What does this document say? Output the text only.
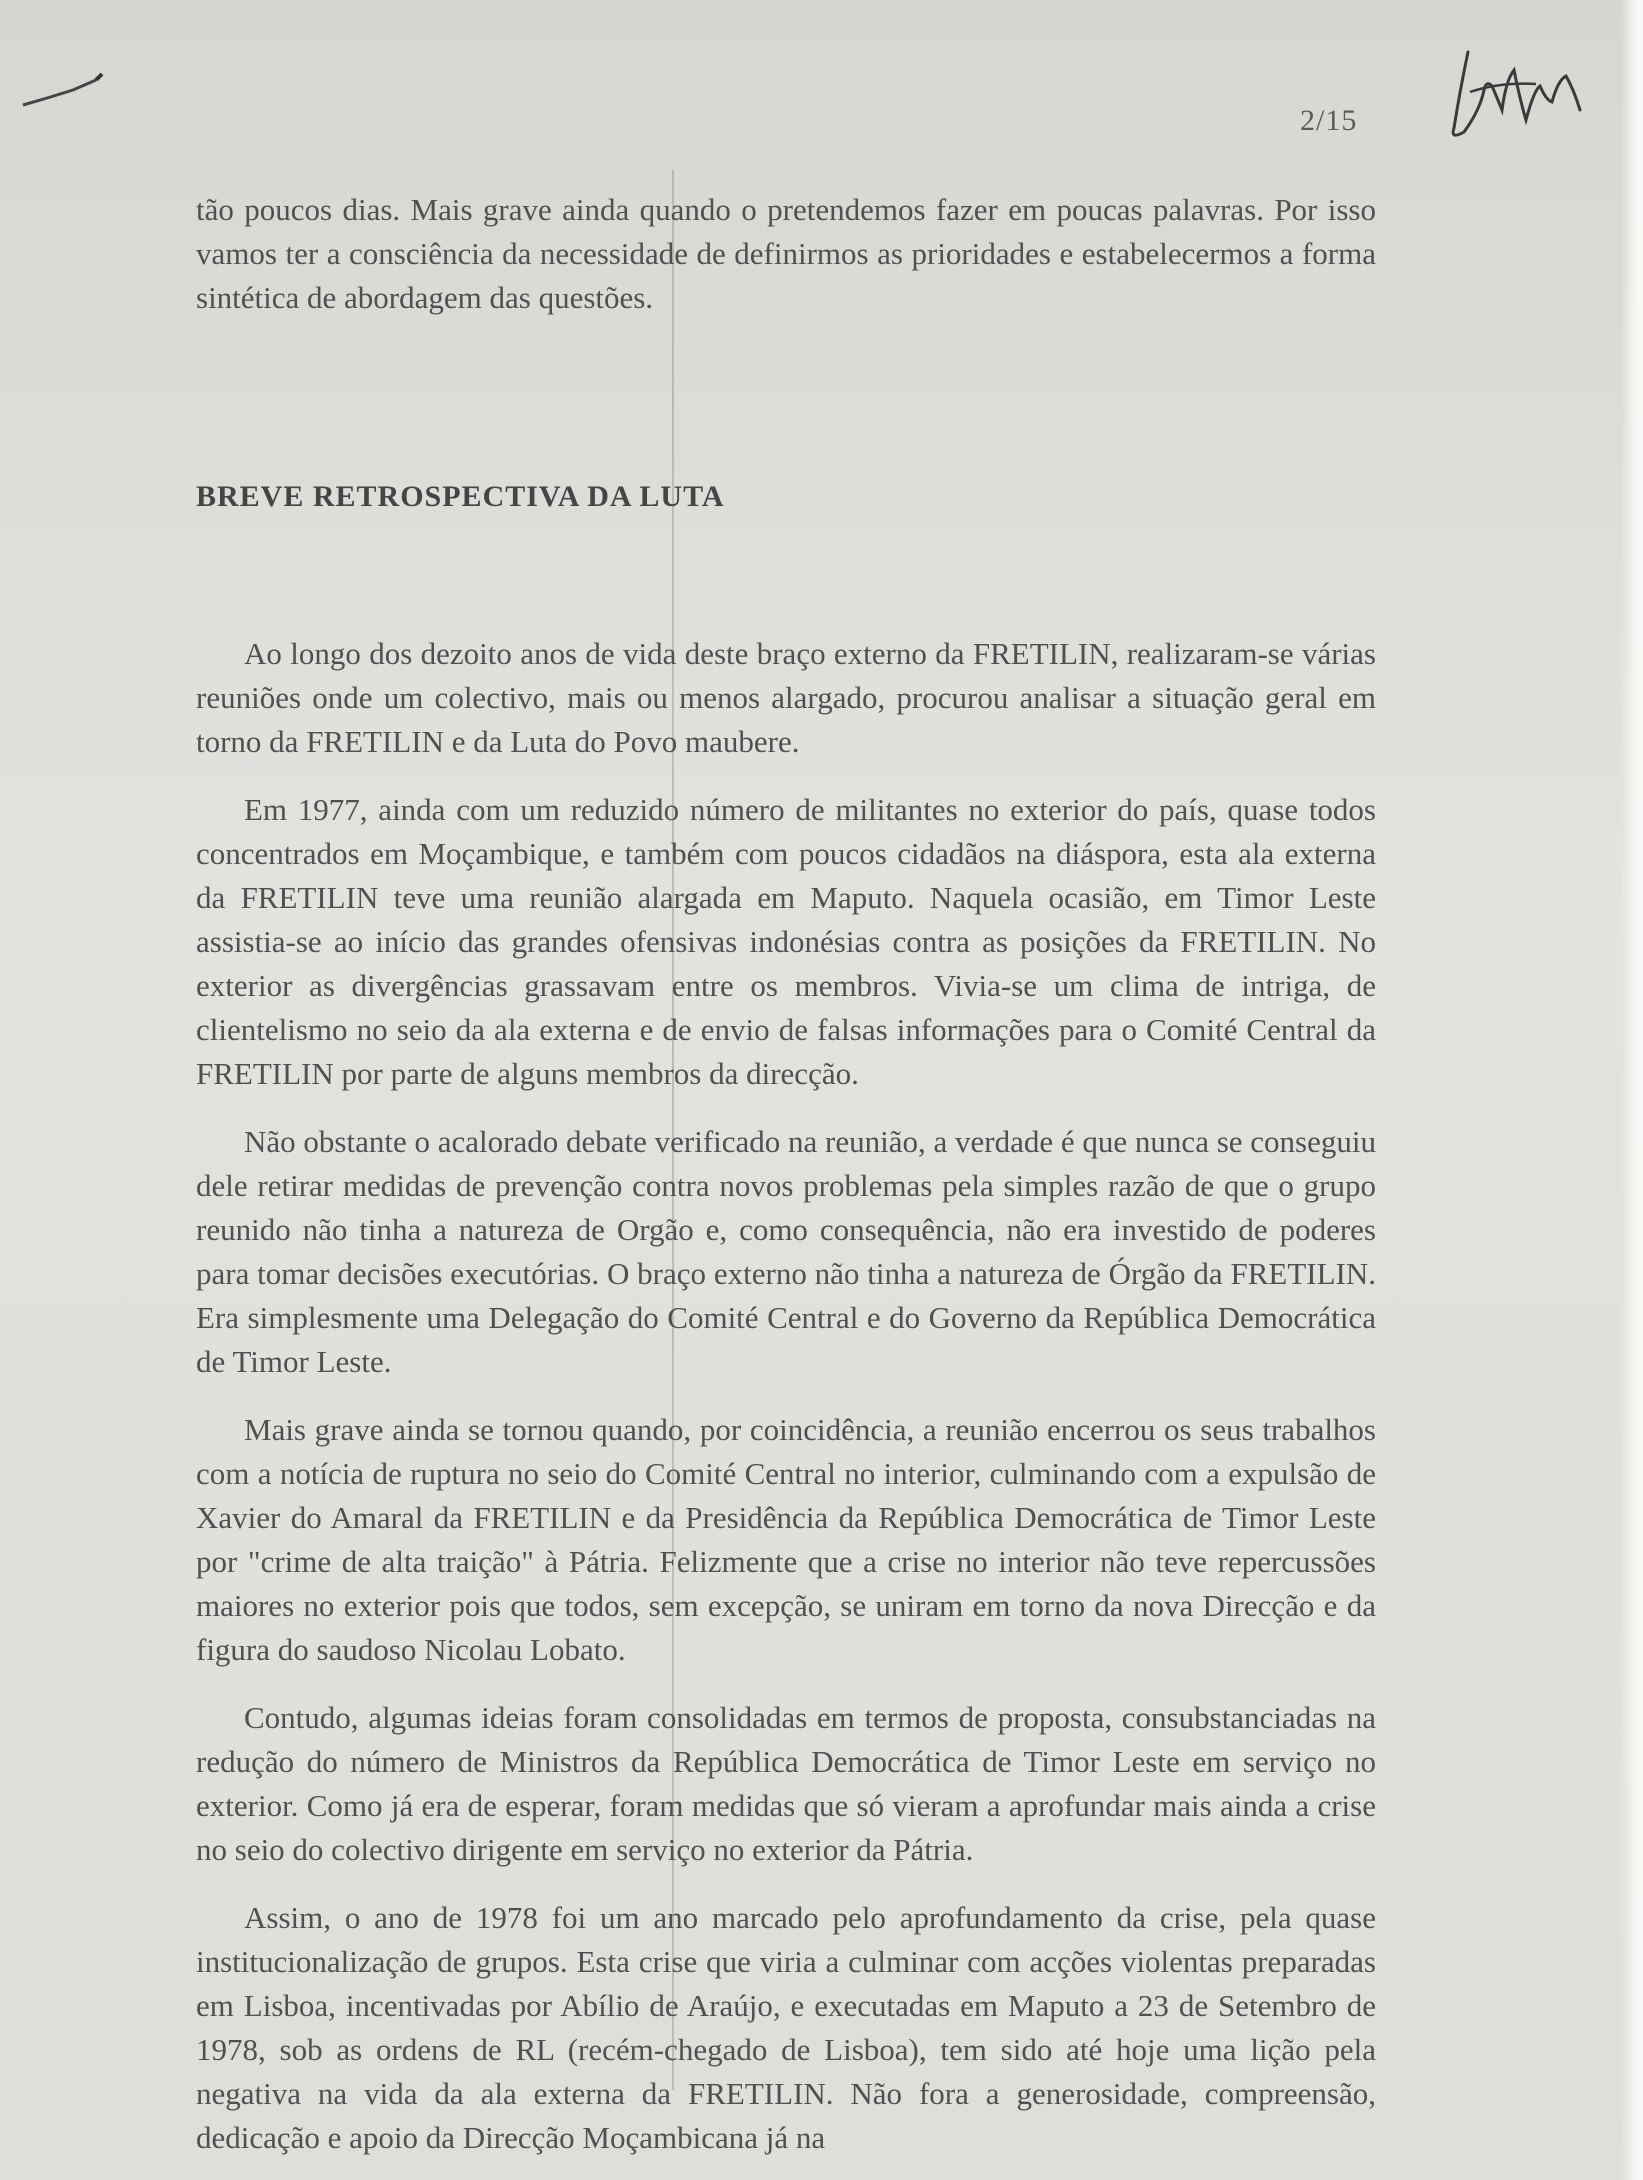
2/15

tão poucos dias. Mais grave ainda quando o pretendemos fazer em poucas palavras. Por isso vamos ter a consciência da necessidade de definirmos as prioridades e estabelecermos a forma sintética de abordagem das questões.

BREVE RETROSPECTIVA DA LUTA

Ao longo dos dezoito anos de vida deste braço externo da FRETILIN, realizaram-se várias reuniões onde um colectivo, mais ou menos alargado, procurou analisar a situação geral em torno da FRETILIN e da Luta do Povo maubere.

Em 1977, ainda com um reduzido número de militantes no exterior do país, quase todos concentrados em Moçambique, e também com poucos cidadãos na diáspora, esta ala externa da FRETILIN teve uma reunião alargada em Maputo. Naquela ocasião, em Timor Leste assistia-se ao início das grandes ofensivas indonésias contra as posições da FRETILIN. No exterior as divergências grassavam entre os membros. Vivia-se um clima de intriga, de clientelismo no seio da ala externa e de envio de falsas informações para o Comité Central da FRETILIN por parte de alguns membros da direcção.

Não obstante o acalorado debate verificado na reunião, a verdade é que nunca se conseguiu dele retirar medidas de prevenção contra novos problemas pela simples razão de que o grupo reunido não tinha a natureza de Orgão e, como consequência, não era investido de poderes para tomar decisões executórias. O braço externo não tinha a natureza de Órgão da FRETILIN. Era simplesmente uma Delegação do Comité Central e do Governo da República Democrática de Timor Leste.

Mais grave ainda se tornou quando, por coincidência, a reunião encerrou os seus trabalhos com a notícia de ruptura no seio do Comité Central no interior, culminando com a expulsão de Xavier do Amaral da FRETILIN e da Presidência da República Democrática de Timor Leste por "crime de alta traição" à Pátria. Felizmente que a crise no interior não teve repercussões maiores no exterior pois que todos, sem excepção, se uniram em torno da nova Direcção e da figura do saudoso Nicolau Lobato.

Contudo, algumas ideias foram consolidadas em termos de proposta, consubstanciadas na redução do número de Ministros da República Democrática de Timor Leste em serviço no exterior. Como já era de esperar, foram medidas que só vieram a aprofundar mais ainda a crise no seio do colectivo dirigente em serviço no exterior da Pátria.

Assim, o ano de 1978 foi um ano marcado pelo aprofundamento da crise, pela quase institucionalização de grupos. Esta crise que viria a culminar com acções violentas preparadas em Lisboa, incentivadas por Abílio de Araújo, e executadas em Maputo a 23 de Setembro de 1978, sob as ordens de RL (recém-chegado de Lisboa), tem sido até hoje uma lição pela negativa na vida da ala externa da FRETILIN. Não fora a generosidade, compreensão, dedicação e apoio da Direcção Moçambicana já na
